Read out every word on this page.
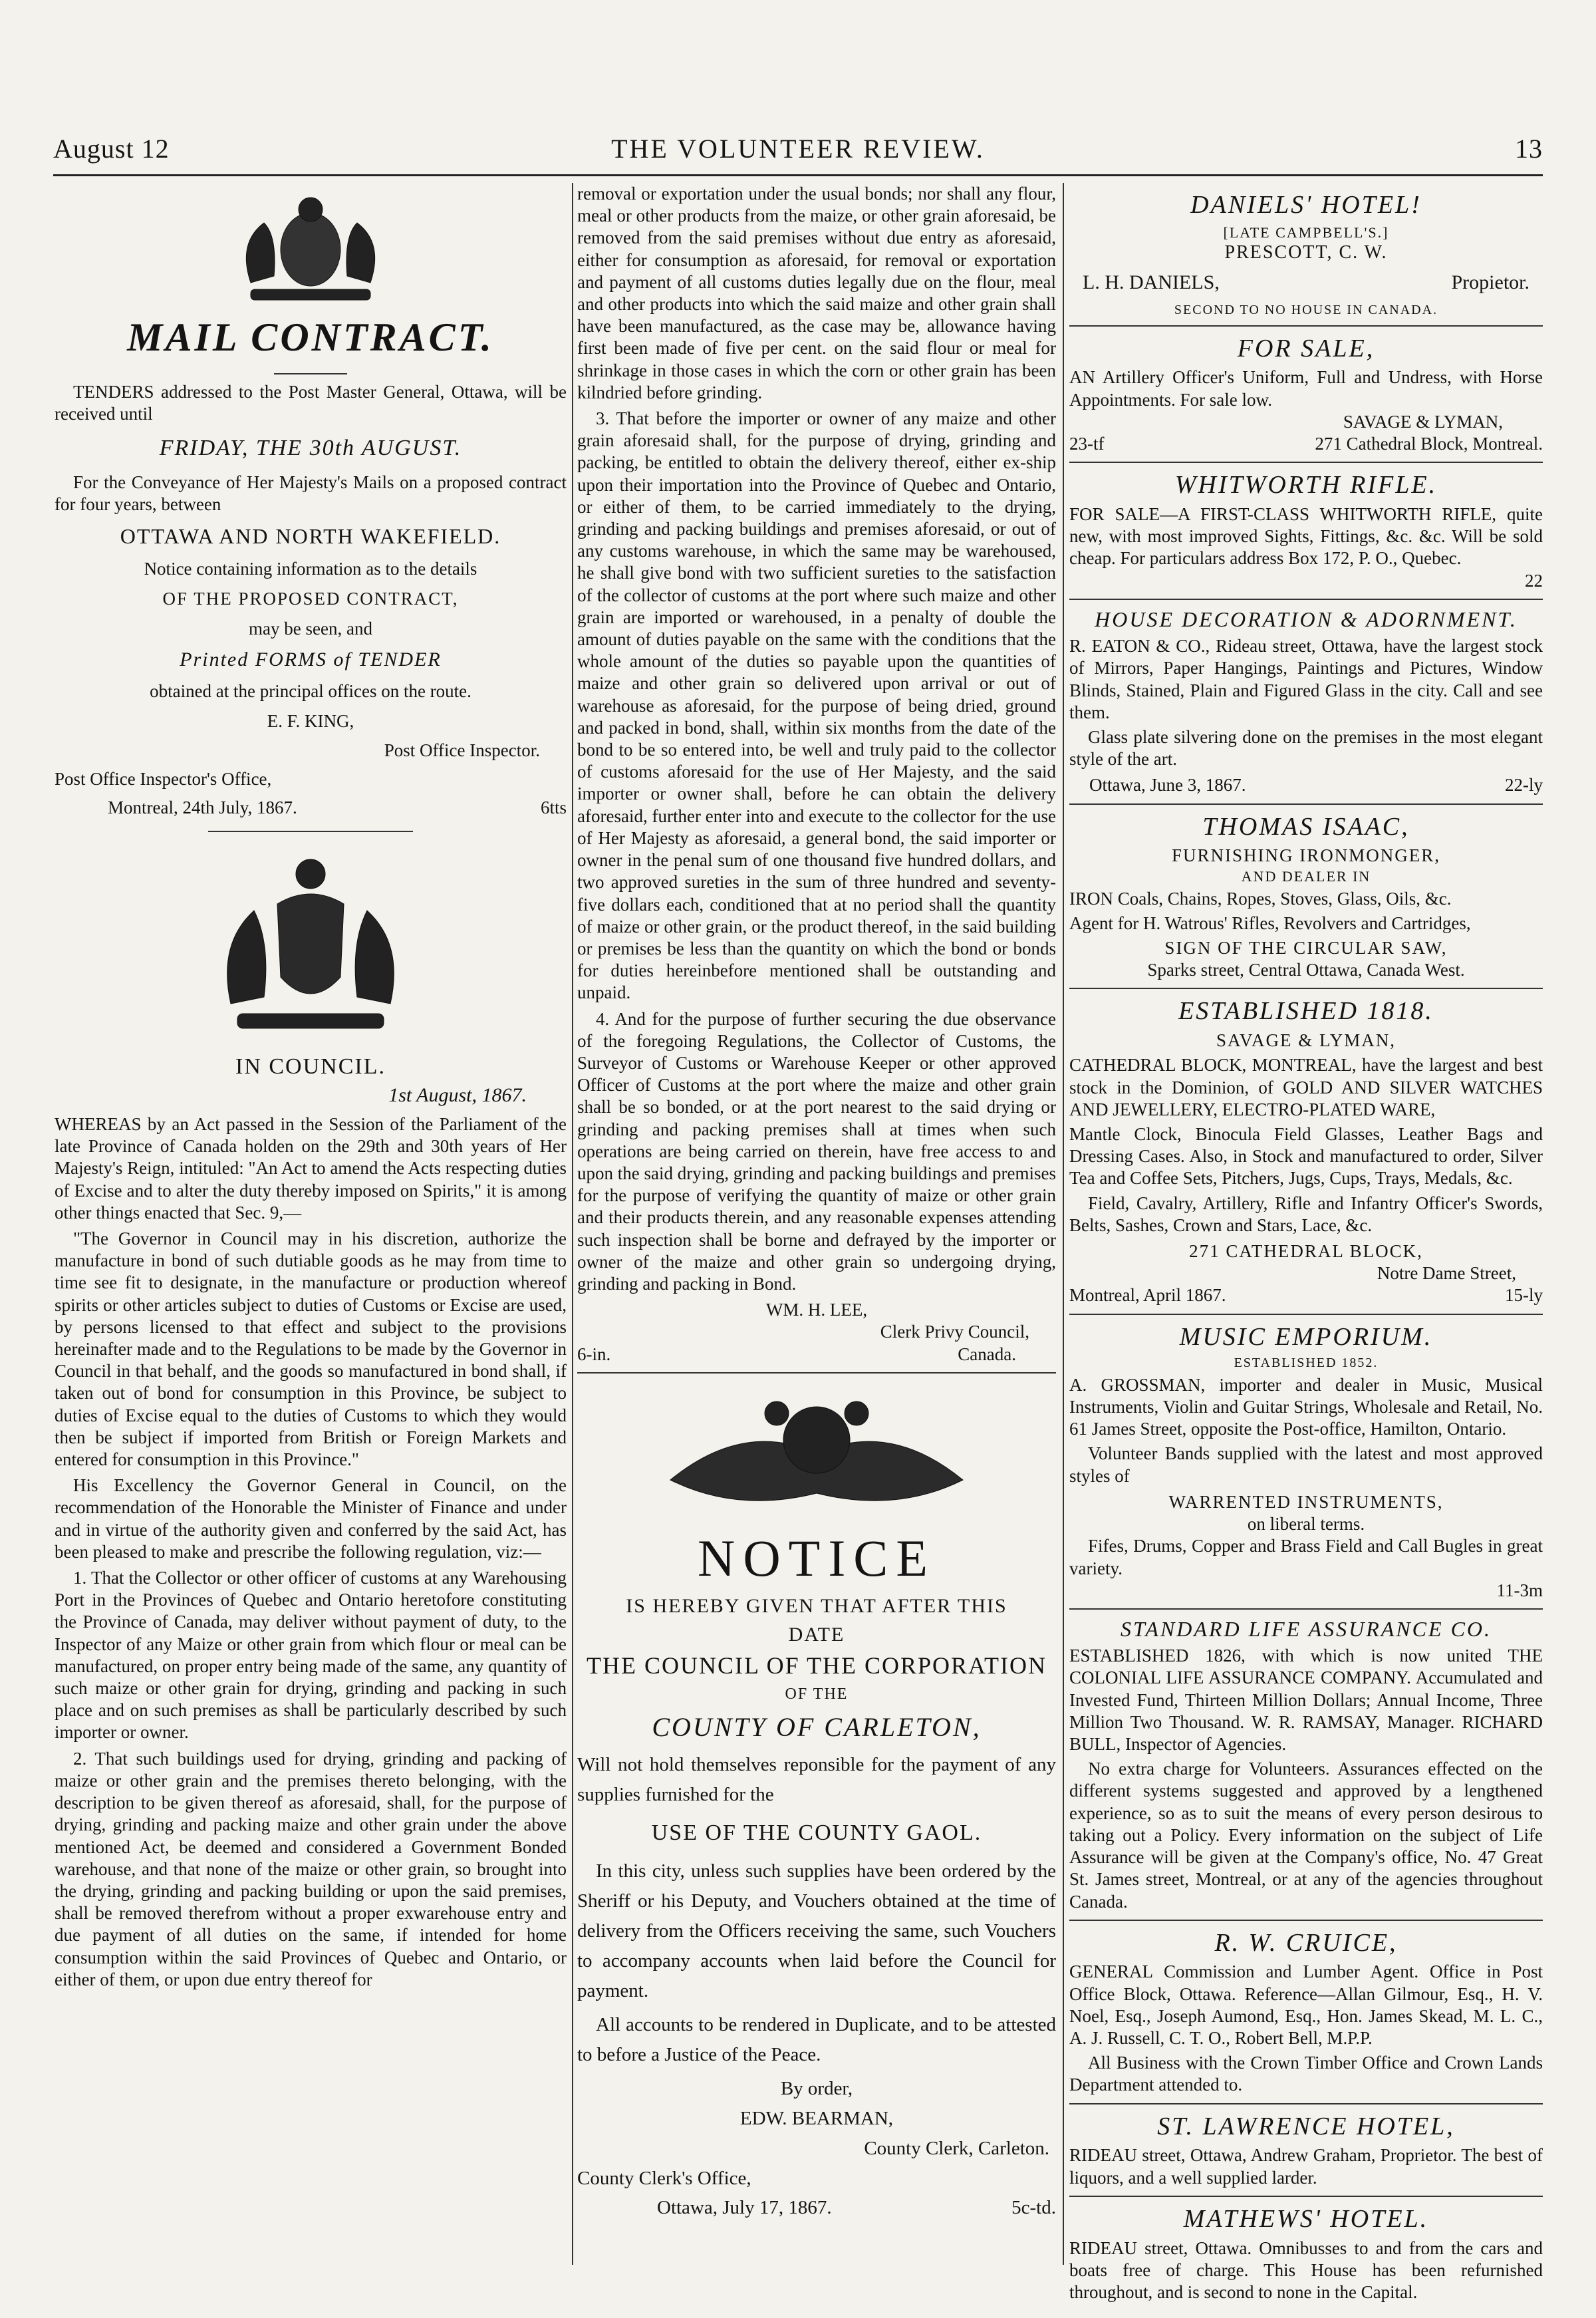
August 12	THE VOLUNTEER REVIEW.	13
MAIL CONTRACT.

TENDERS addressed to the Post Master General, Ottawa, will be received until

FRIDAY, THE 30th AUGUST.

For the Conveyance of Her Majesty's Mails on a proposed contract for four years, between

OTTAWA AND NORTH WAKEFIELD.
Notice containing information as to the details
OF THE PROPOSED CONTRACT,
may be seen, and
Printed FORMS of TENDER
obtained at the principal offices on the route.
E. F. KING,
Post Office Inspector.
Post Office Inspector's Office,
Montreal, 24th July, 1867.	6tts
IN COUNCIL.
1st August, 1867.

WHEREAS by an Act passed in the Session of the Parliament of the late Province of Canada holden on the 29th and 30th years of Her Majesty's Reign, intituled: "An Act to amend the Acts respecting duties of Excise and to alter the duty thereby imposed on Spirits," it is among other things enacted that Sec. 9,—

"The Governor in Council may in his discretion, authorize the manufacture in bond of such dutiable goods as he may from time to time see fit to designate, in the manufacture or production whereof spirits or other articles subject to duties of Customs or Excise are used, by persons licensed to that effect and subject to the provisions hereinafter made and to the Regulations to be made by the Governor in Council in that behalf, and the goods so manufactured in bond shall, if taken out of bond for consumption in this Province, be subject to duties of Excise equal to the duties of Customs to which they would then be subject if imported from British or Foreign Markets and entered for consumption in this Province."

His Excellency the Governor General in Council, on the recommendation of the Honorable the Minister of Finance and under and in virtue of the authority given and conferred by the said Act, has been pleased to make and prescribe the following regulation, viz:—

1. That the Collector or other officer of customs at any Warehousing Port in the Provinces of Quebec and Ontario heretofore constituting the Province of Canada, may deliver without payment of duty, to the Inspector of any Maize or other grain from which flour or meal can be manufactured, on proper entry being made of the same, any quantity of such maize or other grain for drying, grinding and packing in such place and on such premises as shall be particularly described by such importer or owner.

2. That such buildings used for drying, grinding and packing of maize or other grain and the premises thereto belonging, with the description to be given thereof as aforesaid, shall, for the purpose of drying, grinding and packing maize and other grain under the above mentioned Act, be deemed and considered a Government Bonded warehouse, and that none of the maize or other grain, so brought into the drying, grinding and packing building or upon the said premises, shall be removed therefrom without a proper exwarehouse entry and due payment of all duties on the same, if intended for home consumption within the said Provinces of Quebec and Ontario, or either of them, or upon due entry thereof for

removal or exportation under the usual bonds; nor shall any flour, meal or other products from the maize, or other grain aforesaid, be removed from the said premises without due entry as aforesaid, either for consumption as aforesaid, for removal or exportation and payment of all customs duties legally due on the flour, meal and other products into which the said maize and other grain shall have been manufactured, as the case may be, allowance having first been made of five per cent. on the said flour or meal for shrinkage in those cases in which the corn or other grain has been kilndried before grinding.

3. That before the importer or owner of any maize and other grain aforesaid shall, for the purpose of drying, grinding and packing, be entitled to obtain the delivery thereof, either ex-ship upon their importation into the Province of Quebec and Ontario, or either of them, to be carried immediately to the drying, grinding and packing buildings and premises aforesaid, or out of any customs warehouse, in which the same may be warehoused, he shall give bond with two sufficient sureties to the satisfaction of the collector of customs at the port where such maize and other grain are imported or warehoused, in a penalty of double the amount of duties payable on the same with the conditions that the whole amount of the duties so payable upon the quantities of maize and other grain so delivered upon arrival or out of warehouse as aforesaid, for the purpose of being dried, ground and packed in bond, shall, within six months from the date of the bond to be so entered into, be well and truly paid to the collector of customs aforesaid for the use of Her Majesty, and the said importer or owner shall, before he can obtain the delivery aforesaid, further enter into and execute to the collector for the use of Her Majesty as aforesaid, a general bond, the said importer or owner in the penal sum of one thousand five hundred dollars, and two approved sureties in the sum of three hundred and seventy-five dollars each, conditioned that at no period shall the quantity of maize or other grain, or the product thereof, in the said building or premises be less than the quantity on which the bond or bonds for duties hereinbefore mentioned shall be outstanding and unpaid.

4. And for the purpose of further securing the due observance of the foregoing Regulations, the Collector of Customs, the Surveyor of Customs or Warehouse Keeper or other approved Officer of Customs at the port where the maize and other grain shall be so bonded, or at the port nearest to the said drying or grinding and packing premises shall at times when such operations are being carried on therein, have free access to and upon the said drying, grinding and packing buildings and premises for the purpose of verifying the quantity of maize or other grain and their products therein, and any reasonable expenses attending such inspection shall be borne and defrayed by the importer or owner of the maize and other grain so undergoing drying, grinding and packing in Bond.

WM. H. LEE,
Clerk Privy Council,
6-in.	Canada.
NOTICE
IS HEREBY GIVEN THAT AFTER THIS
DATE
THE COUNCIL OF THE CORPORATION
OF THE
COUNTY OF CARLETON,

Will not hold themselves reponsible for the payment of any supplies furnished for the

USE OF THE COUNTY GAOL.

In this city, unless such supplies have been ordered by the Sheriff or his Deputy, and Vouchers obtained at the time of delivery from the Officers receiving the same, such Vouchers to accompany accounts when laid before the Council for payment.

All accounts to be rendered in Duplicate, and to be attested to before a Justice of the Peace.

By order,
EDW. BEARMAN,
County Clerk, Carleton.
County Clerk's Office,
Ottawa, July 17, 1867.	5c-td.
DANIELS' HOTEL!
[LATE CAMPBELL'S.]
PRESCOTT, C. W.
L. H. DANIELS,	Propietor.
SECOND TO NO HOUSE IN CANADA.
FOR SALE,

AN Artillery Officer's Uniform, Full and Undress, with Horse Appointments. For sale low.

SAVAGE & LYMAN,
23-tf	271 Cathedral Block, Montreal.
WHITWORTH RIFLE.

FOR SALE—A FIRST-CLASS WHITWORTH RIFLE, quite new, with most improved Sights, Fittings, &c. &c. Will be sold cheap. For particulars address Box 172, P. O., Quebec.

22
HOUSE DECORATION & ADORNMENT.

R. EATON & CO., Rideau street, Ottawa, have the largest stock of Mirrors, Paper Hangings, Paintings and Pictures, Window Blinds, Stained, Plain and Figured Glass in the city. Call and see them.

Glass plate silvering done on the premises in the most elegant style of the art.

Ottawa, June 3, 1867.	22-ly
THOMAS ISAAC,
FURNISHING IRONMONGER,
AND DEALER IN

IRON Coals, Chains, Ropes, Stoves, Glass, Oils, &c.

Agent for H. Watrous' Rifles, Revolvers and Cartridges,

SIGN OF THE CIRCULAR SAW,
Sparks street, Central Ottawa, Canada West.
ESTABLISHED 1818.
SAVAGE & LYMAN,

CATHEDRAL BLOCK, MONTREAL, have the largest and best stock in the Dominion, of GOLD AND SILVER WATCHES AND JEWELLERY, ELECTRO-PLATED WARE,

Mantle Clock, Binocula Field Glasses, Leather Bags and Dressing Cases. Also, in Stock and manufactured to order, Silver Tea and Coffee Sets, Pitchers, Jugs, Cups, Trays, Medals, &c.

Field, Cavalry, Artillery, Rifle and Infantry Officer's Swords, Belts, Sashes, Crown and Stars, Lace, &c.

271 CATHEDRAL BLOCK,
Notre Dame Street,
Montreal, April 1867.	15-ly
MUSIC EMPORIUM.
ESTABLISHED 1852.

A. GROSSMAN, importer and dealer in Music, Musical Instruments, Violin and Guitar Strings, Wholesale and Retail, No. 61 James Street, opposite the Post-office, Hamilton, Ontario.

Volunteer Bands supplied with the latest and most approved styles of

WARRENTED INSTRUMENTS,
on liberal terms.

Fifes, Drums, Copper and Brass Field and Call Bugles in great variety.

11-3m
STANDARD LIFE ASSURANCE CO.

ESTABLISHED 1826, with which is now united THE COLONIAL LIFE ASSURANCE COMPANY. Accumulated and Invested Fund, Thirteen Million Dollars; Annual Income, Three Million Two Thousand. W. R. RAMSAY, Manager. RICHARD BULL, Inspector of Agencies.

No extra charge for Volunteers. Assurances effected on the different systems suggested and approved by a lengthened experience, so as to suit the means of every person desirous to taking out a Policy. Every information on the subject of Life Assurance will be given at the Company's office, No. 47 Great St. James street, Montreal, or at any of the agencies throughout Canada.

R. W. CRUICE,

GENERAL Commission and Lumber Agent. Office in Post Office Block, Ottawa. Reference—Allan Gilmour, Esq., H. V. Noel, Esq., Joseph Aumond, Esq., Hon. James Skead, M. L. C., A. J. Russell, C. T. O., Robert Bell, M.P.P.

All Business with the Crown Timber Office and Crown Lands Department attended to.

ST. LAWRENCE HOTEL,

RIDEAU street, Ottawa, Andrew Graham, Proprietor. The best of liquors, and a well supplied larder.

MATHEWS' HOTEL.

RIDEAU street, Ottawa. Omnibusses to and from the cars and boats free of charge. This House has been refurnished throughout, and is second to none in the Capital.
